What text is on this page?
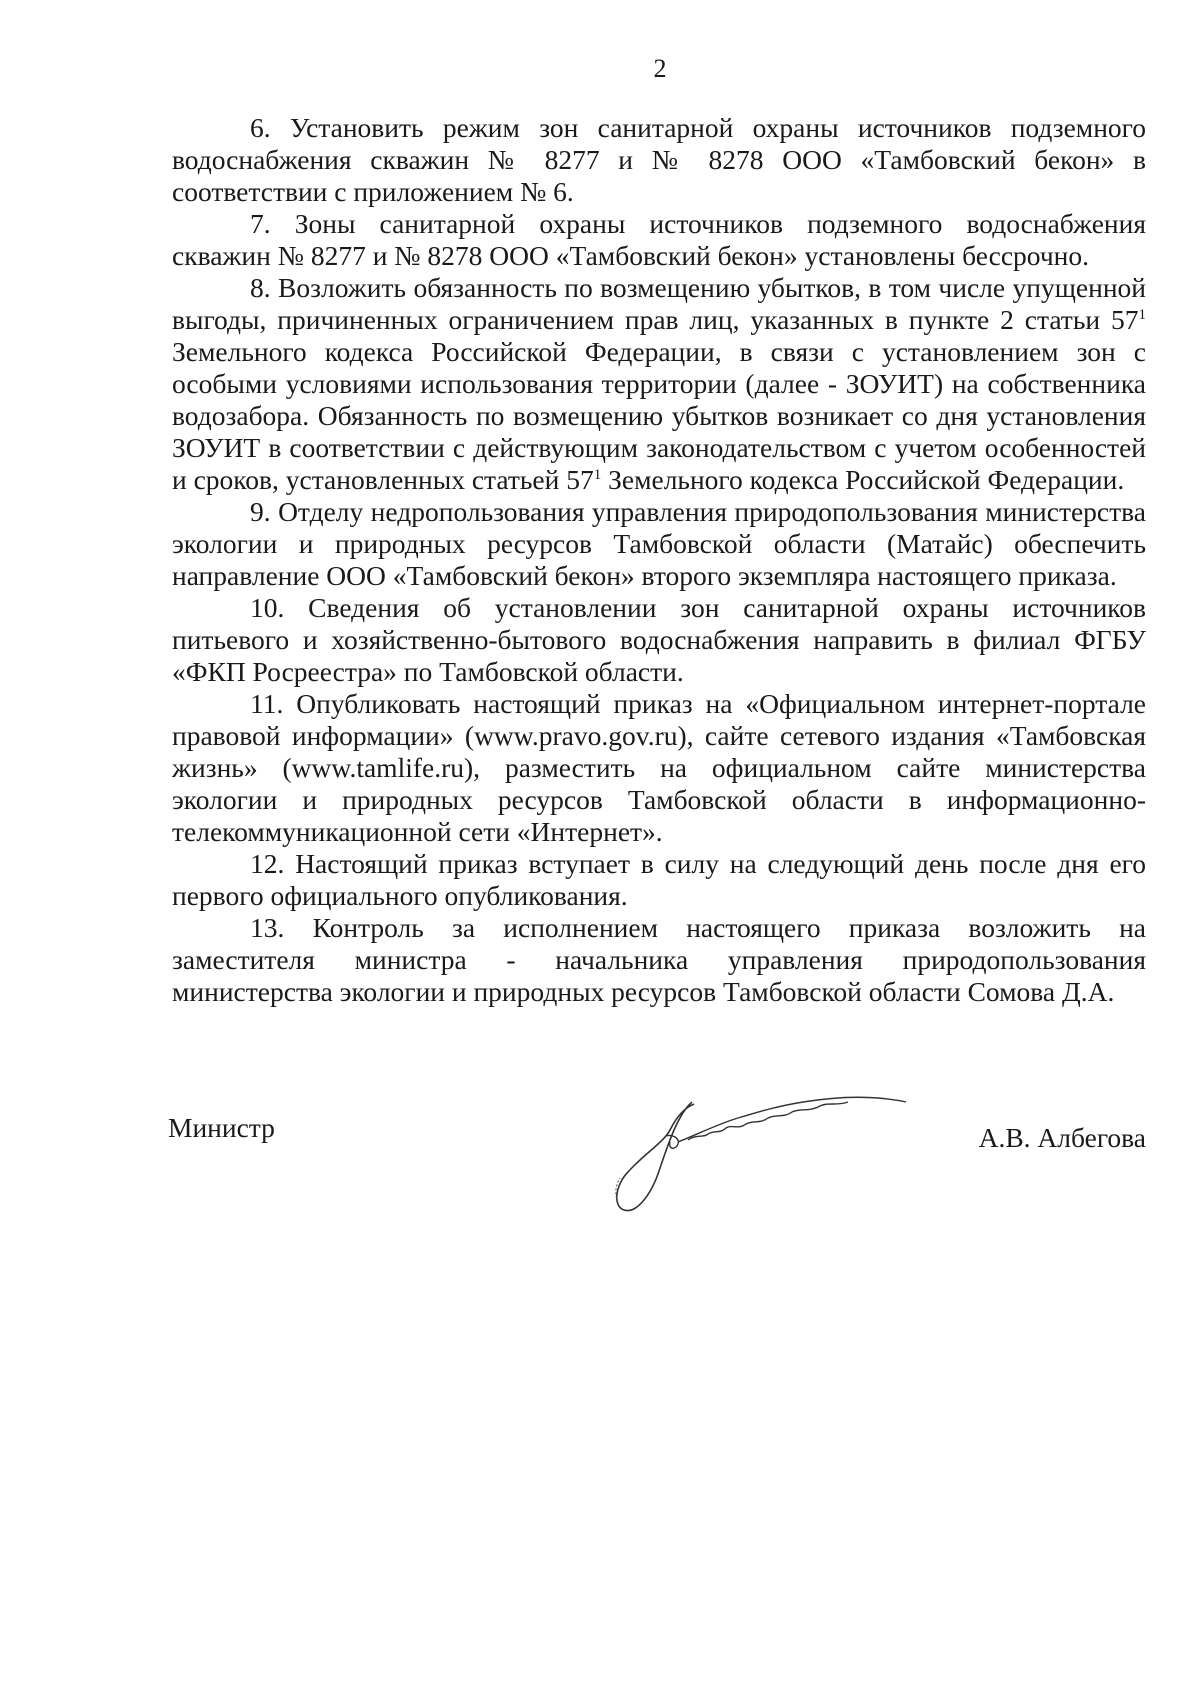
2

6. Установить режим зон санитарной охраны источников подземного водоснабжения скважин № 8277 и № 8278 ООО «Тамбовский бекон» в соответствии с приложением № 6.

7. Зоны санитарной охраны источников подземного водоснабжения скважин № 8277 и № 8278 ООО «Тамбовский бекон» установлены бессрочно.

8. Возложить обязанность по возмещению убытков, в том числе упущенной выгоды, причиненных ограничением прав лиц, указанных в пункте 2 статьи $57^1$ Земельного кодекса Российской Федерации, в связи с установлением зон с особыми условиями использования территории (далее - ЗОУИТ) на собственника водозабора. Обязанность по возмещению убытков возникает со дня установления ЗОУИТ в соответствии с действующим законодательством с учетом особенностей и сроков, установленных статьей $57^1$ Земельного кодекса Российской Федерации.

9. Отделу недропользования управления природопользования министерства экологии и природных ресурсов Тамбовской области (Матайс) обеспечить направление ООО «Тамбовский бекон» второго экземпляра настоящего приказа.

10. Сведения об установлении зон санитарной охраны источников питьевого и хозяйственно-бытового водоснабжения направить в филиал ФГБУ «ФКП Росреестра» по Тамбовской области.

11. Опубликовать настоящий приказ на «Официальном интернет-портале правовой информации» (www.pravo.gov.ru), сайте сетевого издания «Тамбовская жизнь» (www.tamlife.ru), разместить на официальном сайте министерства экологии и природных ресурсов Тамбовской области в информационно-телекоммуникационной сети «Интернет».

12. Настоящий приказ вступает в силу на следующий день после дня его первого официального опубликования.

13. Контроль за исполнением настоящего приказа возложить на заместителя министра - начальника управления природопользования министерства экологии и природных ресурсов Тамбовской области Сомова Д.А.

Министр	А.В. Албегова
